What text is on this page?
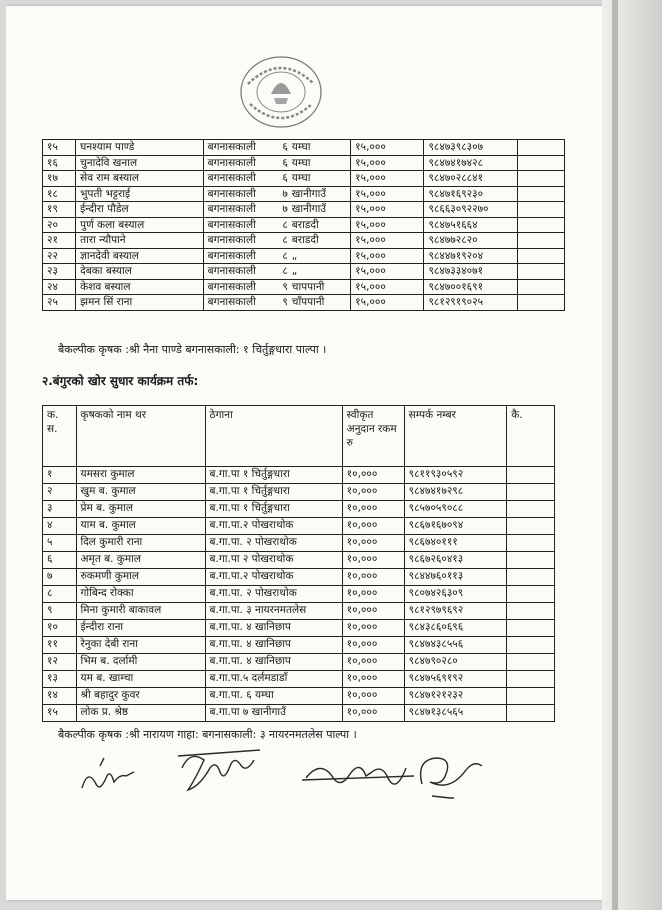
१५	घनश्याम पाण्डे	बगनासकाली ६ यम्घा	१५,०००	९८४७३९८३०७	
१६	चुनादेवि खनाल	बगनासकाली ६ यम्घा	१५,०००	९८४७४१७४२८	
१७	सेव राम बस्याल	बगनासकाली ६ यम्घा	१५,०००	९८४७०२८८४१	
१८	भुपती भट्टराई	बगनासकाली ७ खानीगाउँ	१५,०००	९८४७१६९२३०	
१९	ईन्दीरा पौडेल	बगनासकाली ७ खानीगाउँ	१५,०००	९८६६३०९२२७०	
२०	पुर्ण कला बस्याल	बगनासकाली ८ बराडदी	१५,०००	९८४७५१६६४	
२१	तारा न्यौपाने	बगनासकाली ८ बराडदी	१५,०००	९८४७७२८२०	
२२	ज्ञानदेवी बस्याल	बगनासकाली ८ „	१५,०००	९८४४७१९२०४	
२३	देबका बस्याल	बगनासकाली ८ „	१५,०००	९८४७३३४०७१	
२४	केशव बस्याल	बगनासकाली ९ चापपानी	१५,०००	९८४७००१६९१	
२५	झमन सिं राना	बगनासकाली ९ चाँपपानी	१५,०००	९८१२९१९०२५	
बैकल्पीक कृषक :श्री नैना पाण्डे बगनासकाली: १ चिर्तुङ्गधारा पाल्पा ।
२.बंगुरको खोर सुधार कार्यक्रम तर्फ:
क. स.	कृषकको नाम थर	ठेगाना	स्वीकृत अनुदान रकम रु	सम्पर्क नम्बर	कै.
१	यमसरा कुमाल	ब.गा.पा १ चिर्तुङ्गधारा	१०,०००	९८११९३०५९२	
२	खुम ब. कुमाल	ब.गा.पा १ चिर्तुङ्गधारा	१०,०००	९८४७४१७२९८	
३	प्रेम ब. कुमाल	ब.गा.पा १ चिर्तुङ्गधारा	१०,०००	९८५७०५९०८८	
४	याम ब. कुमाल	ब.गा.पा.२ पोखराथोक	१०,०००	९८६७१६७०९४	
५	दिल कुमारी राना	ब.गा.पा. २ पोखराथोक	१०,०००	९८६७४०१११	
६	अमृत ब. कुमाल	ब.गा.पा २ पोखराथोक	१०,०००	९८६७२६०४१३	
७	रुकमणी कुमाल	ब.गा.पा.२ पोखराथोक	१०,०००	९८४४७६०११३	
८	गोबिन्द रोक्का	ब.गा.पा. २ पोखराथोक	१०,०००	९८०७४२६३०९	
९	मिना कुमारी बाकावल	ब.गा.पा. ३ नायरनमतलेस	१०,०००	९८१२९७९६९२	
१०	ईन्दीरा राना	ब.गा.पा. ४ खानिछाप	१०,०००	९८४३८६०६९६	
११	रेनुका देबी राना	ब.गा.पा. ४ खानिछाप	१०,०००	९८४७४३८५५६	
१२	भिम ब. दर्लामी	ब.गा.पा. ४ खानिछाप	१०,०००	९८४७९०२८०	
१३	यम ब. खाम्चा	ब.गा.पा.५ दर्लमडाडाँ	१०,०००	९८४७५६९१९२	
१४	श्री बहादुर कुवर	ब.गा.पा. ६ यम्घा	१०,०००	९८४७१२१२३२	
१५	लोक प्र. श्रेष्ठ	ब.गा.पा ७ खानीगाउँ	१०,०००	९८४७१३८५६५	
बैकल्पीक कृषक :श्री नारायण गाहा: बगनासकाली: ३ नायरनमतलेस पाल्पा ।
